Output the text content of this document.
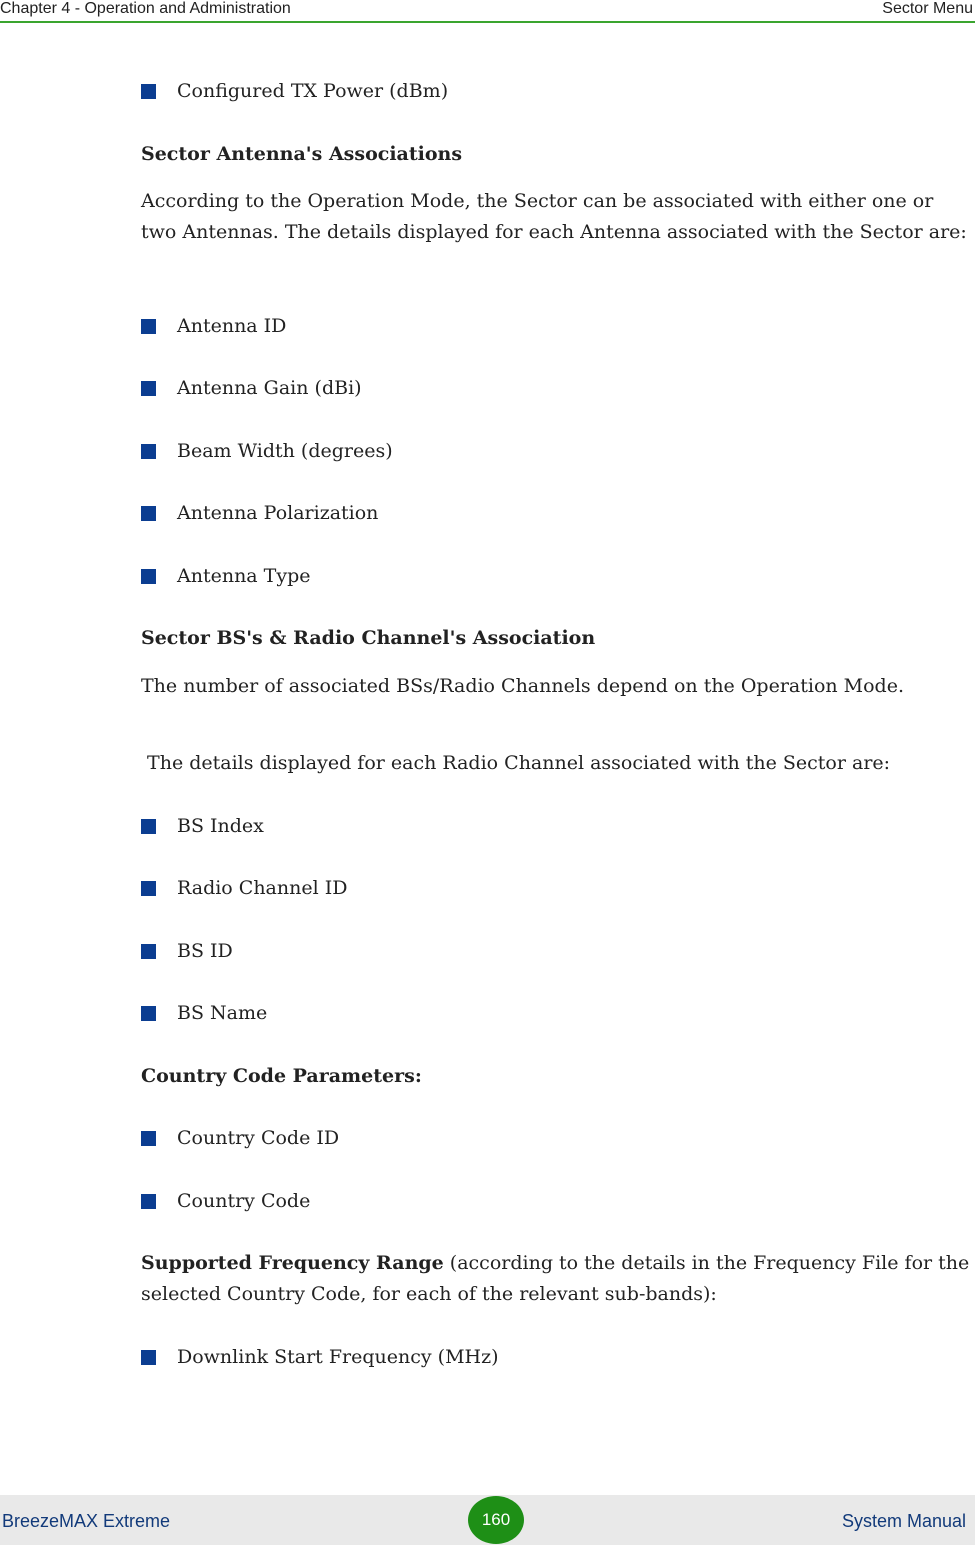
Chapter 4 - Operation and Administration	Sector Menu
Configured TX Power (dBm)
Sector Antenna's Associations
According to the Operation Mode, the Sector can be associated with either one or two Antennas. The details displayed for each Antenna associated with the Sector are:
Antenna ID
Antenna Gain (dBi)
Beam Width (degrees)
Antenna Polarization
Antenna Type
Sector BS's & Radio Channel's Association
The number of associated BSs/Radio Channels depend on the Operation Mode.
The details displayed for each Radio Channel associated with the Sector are:
BS Index
Radio Channel ID
BS ID
BS Name
Country Code Parameters:
Country Code ID
Country Code
Supported Frequency Range (according to the details in the Frequency File for the selected Country Code, for each of the relevant sub-bands):
Downlink Start Frequency (MHz)
BreezeMAX Extreme	160	System Manual
